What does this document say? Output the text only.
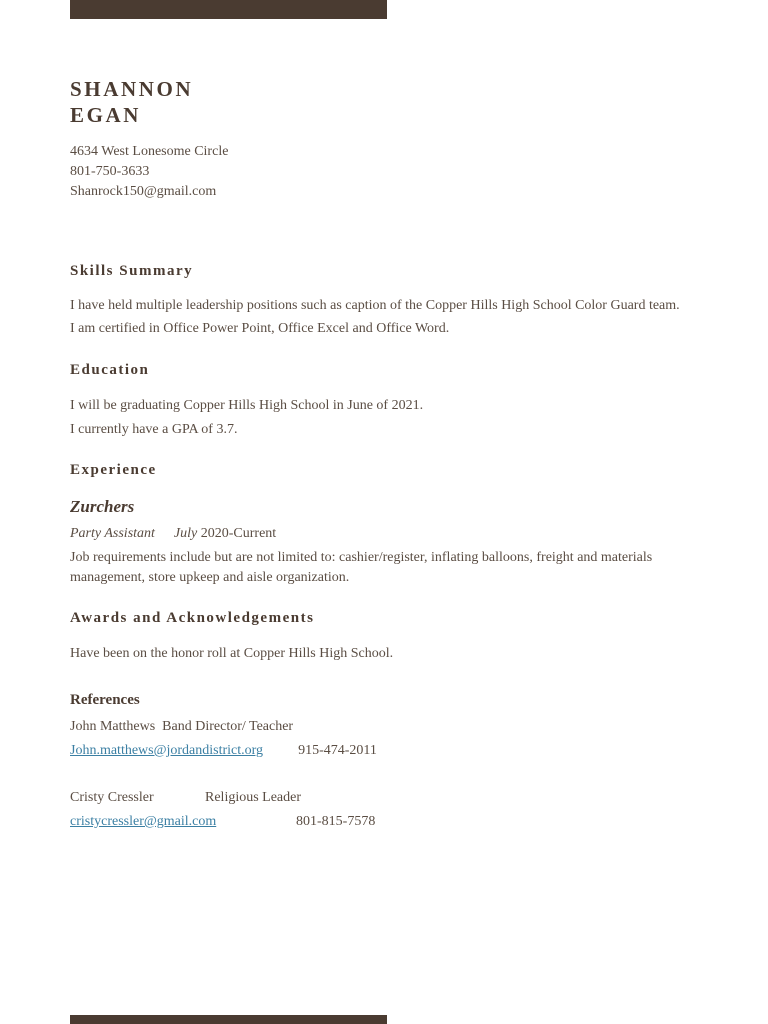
SHANNON
EGAN
4634 West Lonesome Circle
801-750-3633
Shanrock150@gmail.com
Skills Summary
I have held multiple leadership positions such as caption of the Copper Hills High School Color Guard team.
I am certified in Office Power Point, Office Excel and Office Word.
Education
I will be graduating Copper Hills High School in June of 2021.
I currently have a GPA of 3.7.
Experience
Zurchers
Party Assistant July 2020-Current
Job requirements include but are not limited to: cashier/register, inflating balloons, freight and materials management, store upkeep and aisle organization.
Awards and Acknowledgements
Have been on the honor roll at Copper Hills High School.
References
John Matthews Band Director/ Teacher
John.matthews@jordandistrict.org	915-474-2011
Cristy Cressler	Religious Leader
cristycressler@gmail.com	801-815-7578
